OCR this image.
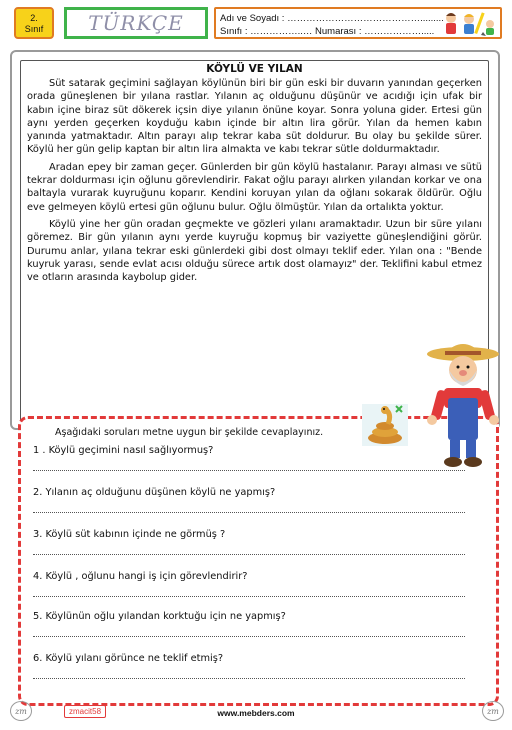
2.
Sınıf	TÜRKÇE	Adı ve Soyadı : …………………………………….........
Sınıfı : ……………..… Numarası : ……………….....
KÖYLÜ VE YILAN

Süt satarak geçimini sağlayan köylünün biri bir gün eski bir duvarın yanından geçerken orada güneşlenen bir yılana rastlar. Yılanın aç olduğunu düşünür ve acıdığı için ufak bir kabın içine biraz süt dökerek içsin diye yılanın önüne koyar. Sonra yoluna gider. Ertesi gün aynı yerden geçerken koyduğu kabın içinde bir altın lira görür. Yılan da hemen kabın yanında yatmaktadır. Altın parayı alıp tekrar kaba süt doldurur. Bu olay bu şekilde sürer. Köylü her gün gelip kaptan bir altın lira almakta ve kabı tekrar sütle doldurmaktadır.

Aradan epey bir zaman geçer. Günlerden bir gün köylü hastalanır. Parayı alması ve sütü tekrar doldurması için oğlunu görevlendirir. Fakat oğlu parayı alırken yılandan korkar ve ona baltayla vurarak kuyruğunu koparır. Kendini koruyan yılan da oğlanı sokarak öldürür. Oğlu eve gelmeyen köylü ertesi gün oğlunu bulur. Oğlu ölmüştür. Yılan da ortalıkta yoktur.

Köylü yine her gün oradan geçmekte ve gözleri yılanı aramaktadır. Uzun bir süre yılanı göremez. Bir gün yılanın aynı yerde kuyruğu kopmuş bir vaziyette güneşlendiğini görür. Durumu anlar, yılana tekrar eski günlerdeki gibi dost olmayı teklif eder. Yılan ona : "Bende kuyruk yarası, sende evlat acısı olduğu sürece artık dost olamayız" der. Teklifini kabul etmez ve otların arasında kaybolup gider.

Aşağıdaki soruları metne uygun bir şekilde cevaplayınız.
1 . Köylü geçimini nasıl sağlıyormuş?
2. Yılanın aç olduğunu düşünen köylü ne yapmış?
3. Köylü süt kabının içinde ne görmüş ?
4. Köylü , oğlunu hangi iş için görevlendirir?
5. Köylünün oğlu yılandan korktuğu için ne yapmış?
6. Köylü yılanı görünce ne teklif etmiş?
zm	zmacit58	www.mebders.com	zm
